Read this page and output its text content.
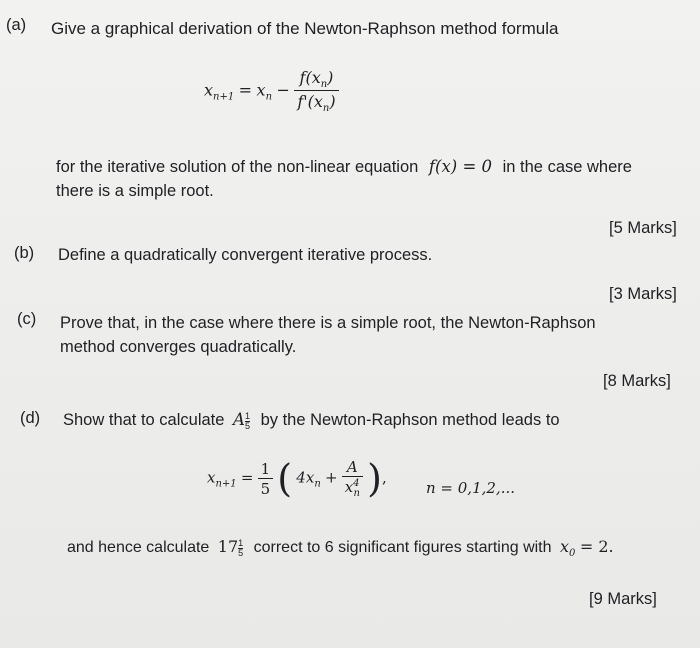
(a) Give a graphical derivation of the Newton-Raphson method formula
$x_{n+1} = x_n - \frac{f(x_n)}{f'(x_n)}$
for the iterative solution of the non-linear equation f(x) = 0 in the case where
there is a simple root.
[5 Marks]
(b) Define a quadratically convergent iterative process.
[3 Marks]
(c) Prove that, in the case where there is a simple root, the Newton-Raphson
method converges quadratically.
[8 Marks]
(d) Show that to calculate A $\frac{1}{5}$ by the Newton-Raphson method leads to
$x_{n+1} = \frac{1}{5}$ ( $4x_n + \frac{A}{x^4_n}$ ),
n = 0,1,2,...
and hence calculate $17 \frac{1}{5}$ correct to 6 significant figures starting with $x_0 = 2$.
[9 Marks]
